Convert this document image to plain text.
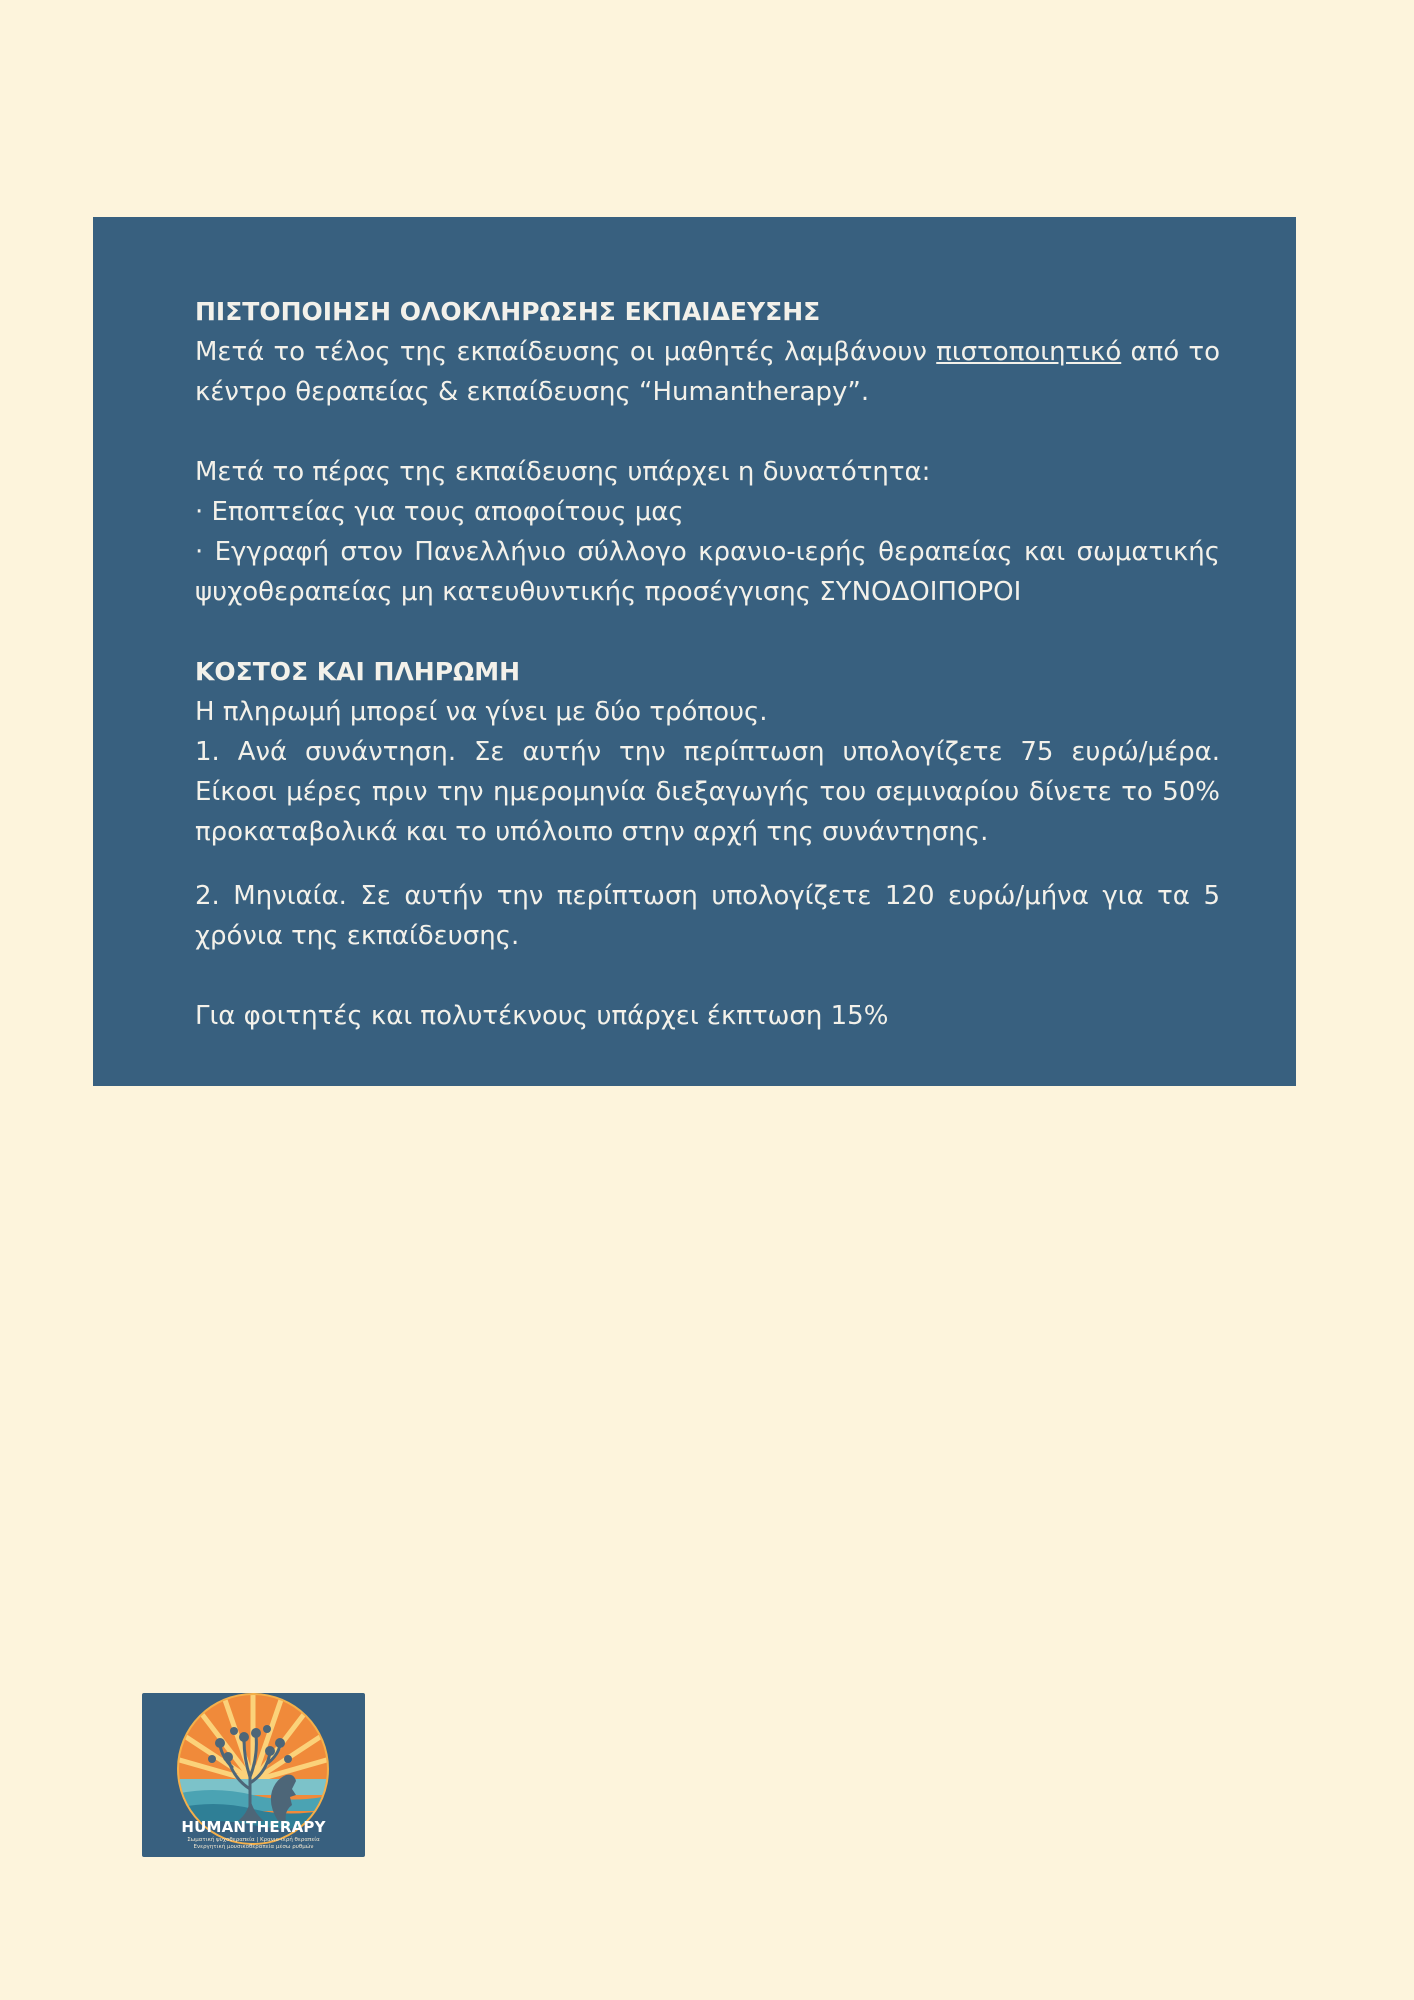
ΠΙΣΤΟΠΟΙΗΣΗ ΟΛΟΚΛΗΡΩΣΗΣ ΕΚΠΑΙΔΕΥΣΗΣ

Μετά το τέλος της εκπαίδευσης οι μαθητές λαμβάνουν πιστοποιητικό από το κέντρο θεραπείας & εκπαίδευσης “Humantherapy”.

Μετά το πέρας της εκπαίδευσης υπάρχει η δυνατότητα:

· Εποπτείας για τους αποφοίτους μας

· Εγγραφή στον Πανελλήνιο σύλλογο κρανιο-ιερής θεραπείας και σωματικής ψυχοθεραπείας μη κατευθυντικής προσέγγισης ΣΥΝΟΔΟΙΠΟΡΟΙ

ΚΟΣΤΟΣ ΚΑΙ ΠΛΗΡΩΜΗ

Η πληρωμή μπορεί να γίνει με δύο τρόπους.

1. Ανά συνάντηση. Σε αυτήν την περίπτωση υπολογίζετε 75 ευρώ/μέρα. Είκοσι μέρες πριν την ημερομηνία διεξαγωγής του σεμιναρίου δίνετε το 50% προκαταβολικά και το υπόλοιπο στην αρχή της συνάντησης.

2. Μηνιαία. Σε αυτήν την περίπτωση υπολογίζετε 120 ευρώ/μήνα για τα 5 χρόνια της εκπαίδευσης.

Για φοιτητές και πολυτέκνους υπάρχει έκπτωση 15%

HUMANTHERAPY
Σωματική ψυχοθεραπεία | Κρανιο-ιερή θεραπεία
Ενεργητική μουσικοθεραπεία μέσω ρυθμών
